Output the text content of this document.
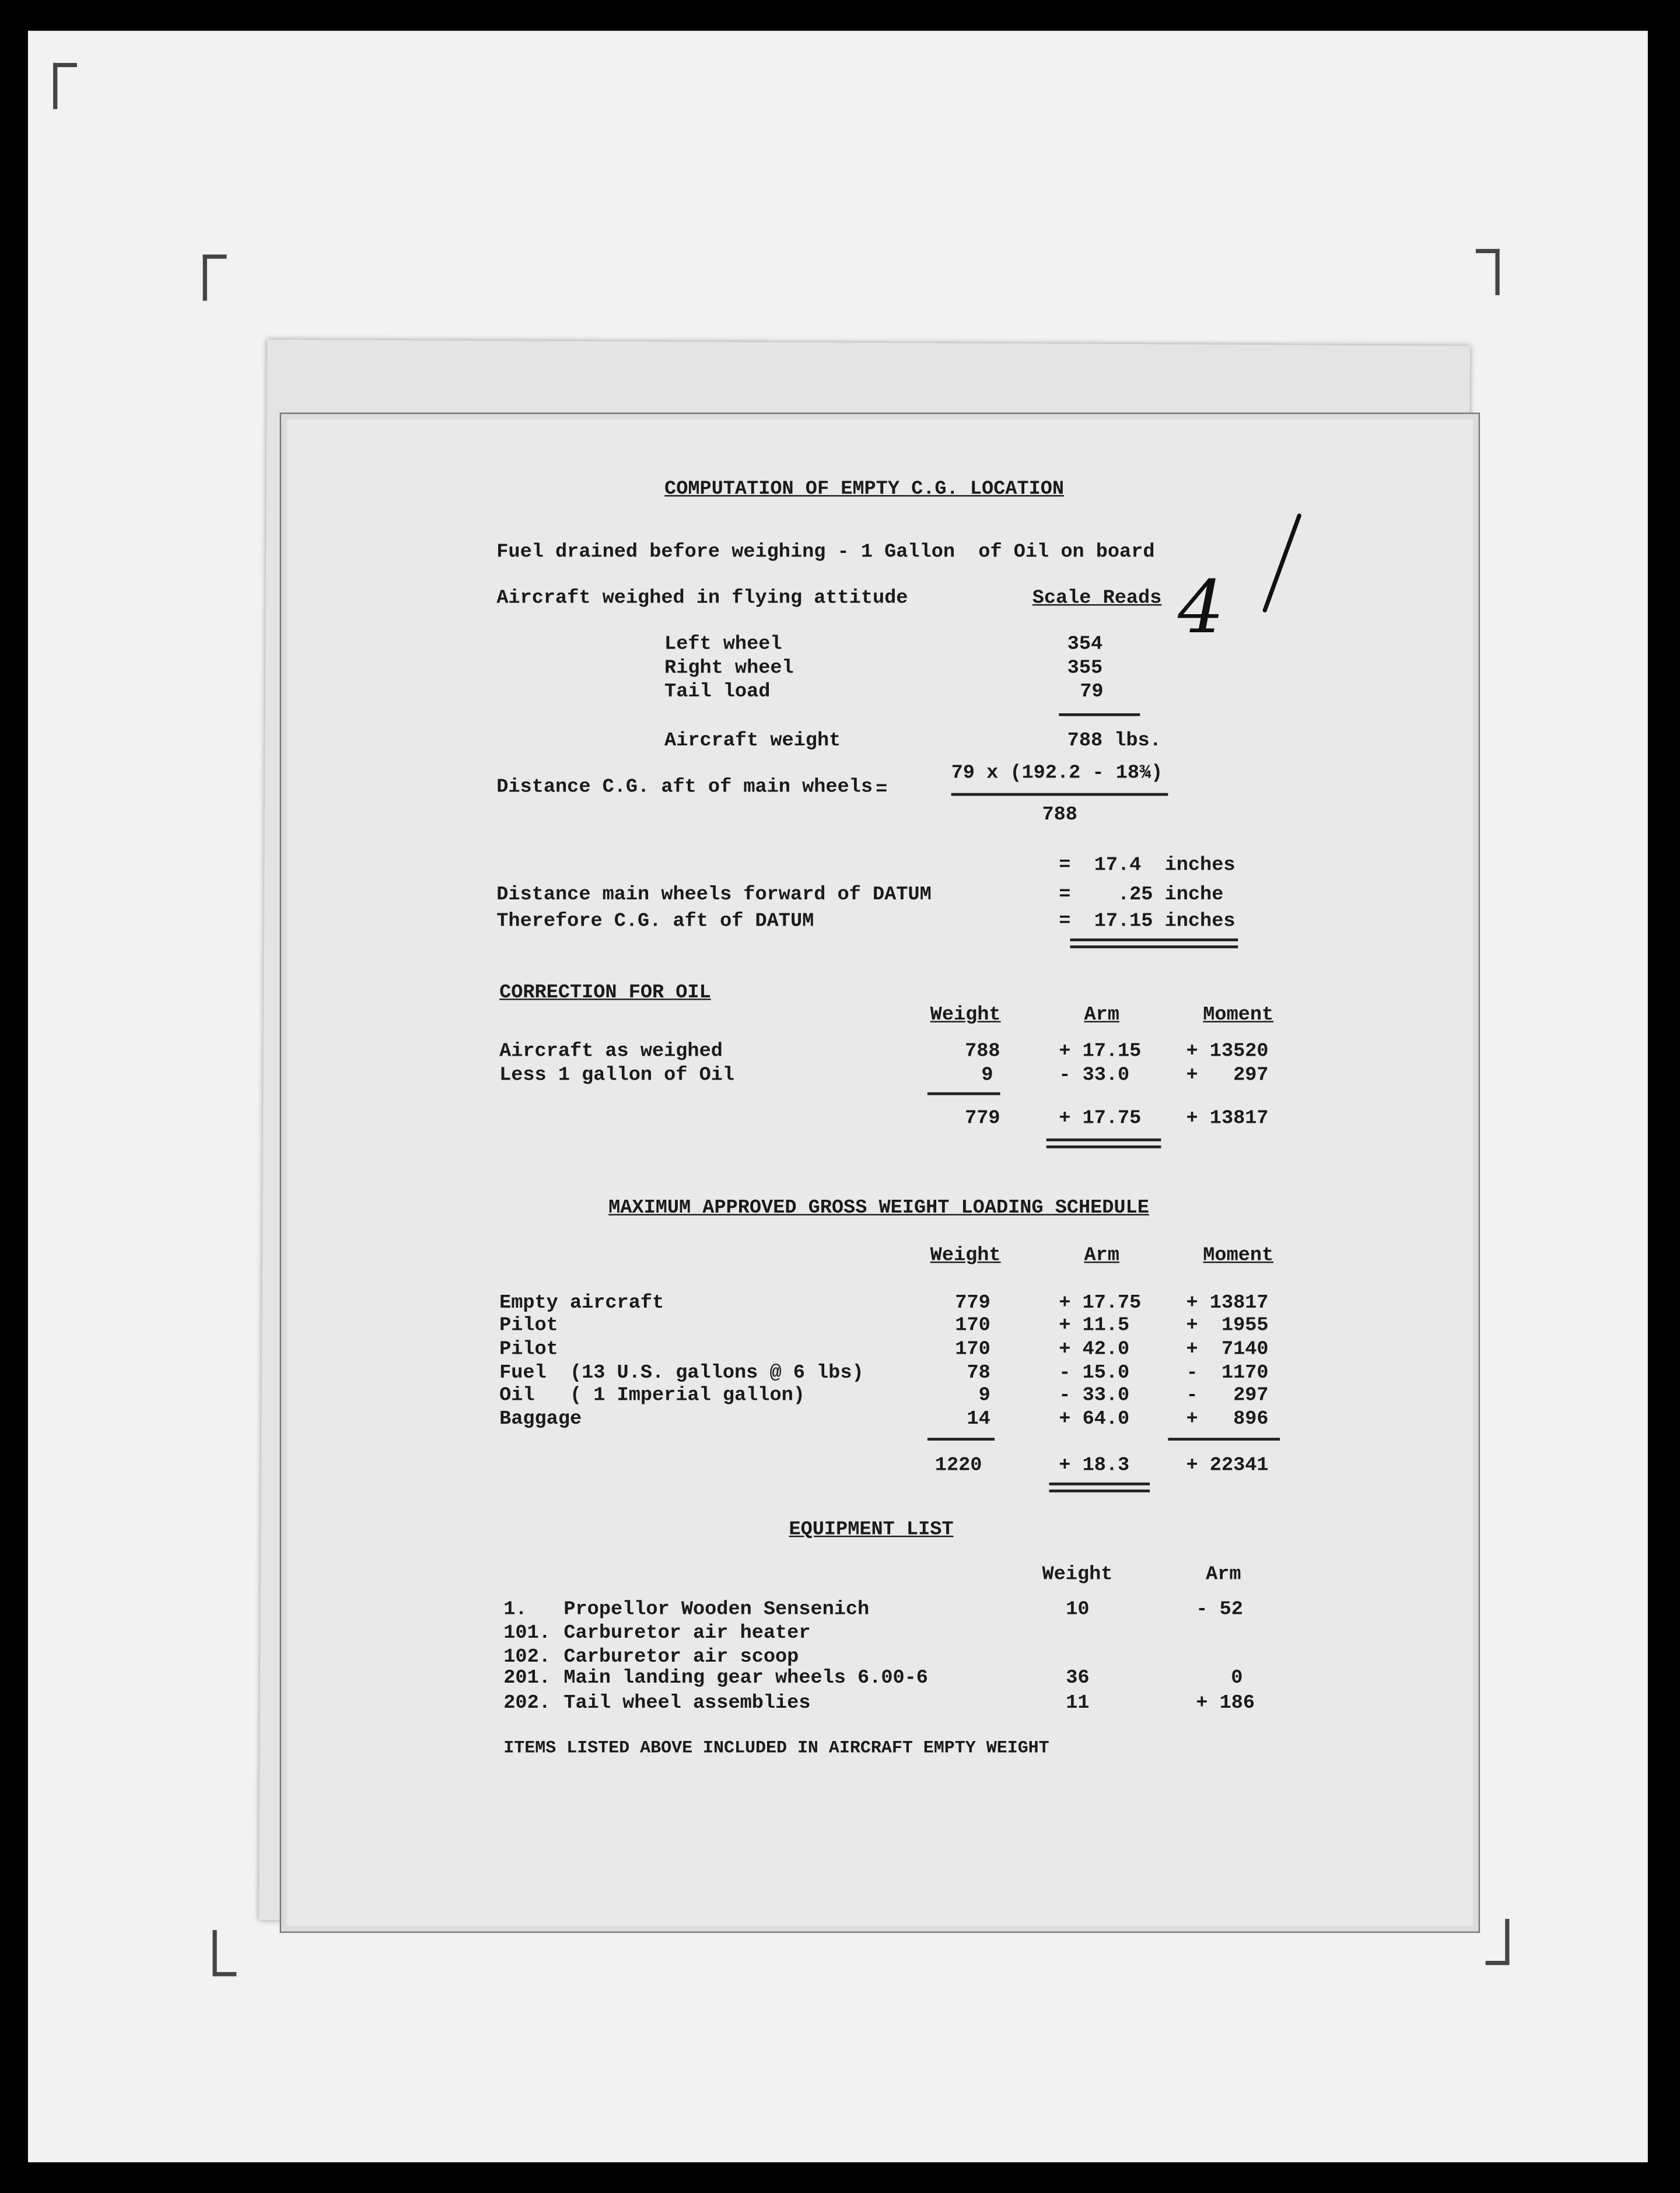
COMPUTATION OF EMPTY C.G. LOCATION
Fuel drained before weighing - 1 Gallon  of Oil on board
Aircraft weighed in flying attitude	Scale Reads
Left wheel	354
Right wheel	355
Tail load	79
Aircraft weight	788 lbs.
Distance C.G. aft of main wheels =
79 x (192.2 - 18¾)
788
=  17.4  inches
Distance main wheels forward of DATUM	=    .25 inche
Therefore C.G. aft of DATUM	=  17.15 inches
CORRECTION FOR OIL
Weight	Arm	Moment
Aircraft as weighed	788	+ 17.15	+ 13520
Less 1 gallon of Oil	9	- 33.0	+   297
779	+ 17.75	+ 13817
MAXIMUM APPROVED GROSS WEIGHT LOADING SCHEDULE
Weight	Arm	Moment
Empty aircraft	779	+ 17.75	+ 13817
Pilot	170	+ 11.5	+  1955
Pilot	170	+ 42.0	+  7140
Fuel  (13 U.S. gallons @ 6 lbs)	78	- 15.0	-  1170
Oil   ( 1 Imperial gallon)	9	- 33.0	-   297
Baggage	14	+ 64.0	+   896
1220	+ 18.3	+ 22341
EQUIPMENT LIST
Weight	Arm
1.	Propellor Wooden Sensenich	10	- 52
101. Carburetor air heater
102. Carburetor air scoop
201. Main landing gear wheels 6.00-6	36	0
202. Tail wheel assemblies	11	+ 186
ITEMS LISTED ABOVE INCLUDED IN AIRCRAFT EMPTY WEIGHT
4
